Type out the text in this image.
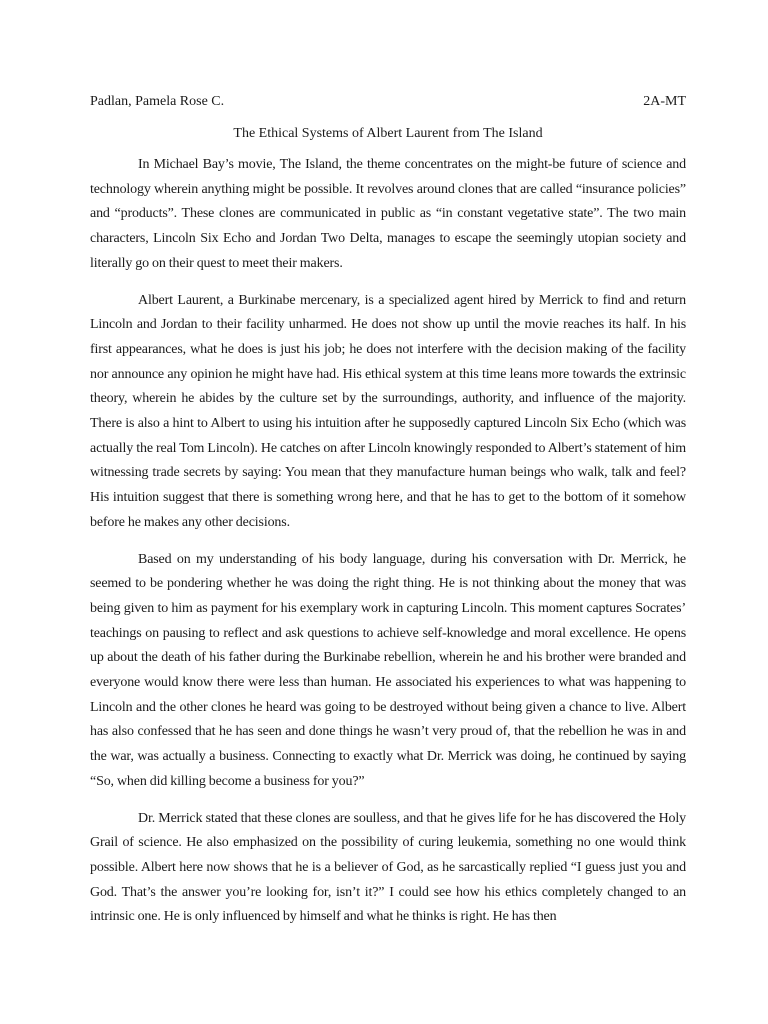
Padlan, Pamela Rose C.	2A-MT
The Ethical Systems of Albert Laurent from The Island

In Michael Bay’s movie, The Island, the theme concentrates on the might-be future of science and technology wherein anything might be possible. It revolves around clones that are called “insurance policies” and “products”. These clones are communicated in public as “in constant vegetative state”. The two main characters, Lincoln Six Echo and Jordan Two Delta, manages to escape the seemingly utopian society and literally go on their quest to meet their makers.

Albert Laurent, a Burkinabe mercenary, is a specialized agent hired by Merrick to find and return Lincoln and Jordan to their facility unharmed. He does not show up until the movie reaches its half. In his first appearances, what he does is just his job; he does not interfere with the decision making of the facility nor announce any opinion he might have had. His ethical system at this time leans more towards the extrinsic theory, wherein he abides by the culture set by the surroundings, authority, and influence of the majority. There is also a hint to Albert to using his intuition after he supposedly captured Lincoln Six Echo (which was actually the real Tom Lincoln). He catches on after Lincoln knowingly responded to Albert’s statement of him witnessing trade secrets by saying: You mean that they manufacture human beings who walk, talk and feel? His intuition suggest that there is something wrong here, and that he has to get to the bottom of it somehow before he makes any other decisions.

Based on my understanding of his body language, during his conversation with Dr. Merrick, he seemed to be pondering whether he was doing the right thing. He is not thinking about the money that was being given to him as payment for his exemplary work in capturing Lincoln. This moment captures Socrates’ teachings on pausing to reflect and ask questions to achieve self-knowledge and moral excellence. He opens up about the death of his father during the Burkinabe rebellion, wherein he and his brother were branded and everyone would know there were less than human. He associated his experiences to what was happening to Lincoln and the other clones he heard was going to be destroyed without being given a chance to live. Albert has also confessed that he has seen and done things he wasn’t very proud of, that the rebellion he was in and the war, was actually a business. Connecting to exactly what Dr. Merrick was doing, he continued by saying “So, when did killing become a business for you?”

Dr. Merrick stated that these clones are soulless, and that he gives life for he has discovered the Holy Grail of science. He also emphasized on the possibility of curing leukemia, something no one would think possible. Albert here now shows that he is a believer of God, as he sarcastically replied “I guess just you and God. That’s the answer you’re looking for, isn’t it?” I could see how his ethics completely changed to an intrinsic one. He is only influenced by himself and what he thinks is right. He has then
